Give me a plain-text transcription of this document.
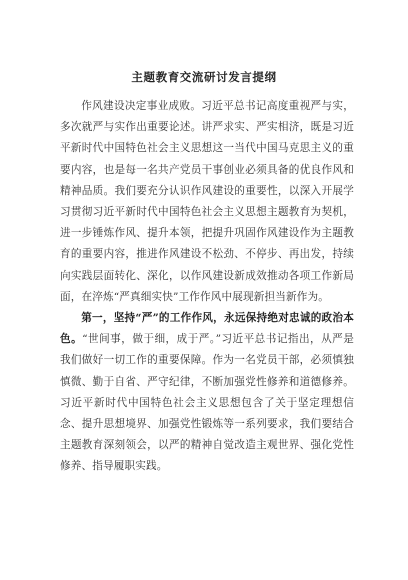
主题教育交流研讨发言提纲

作风建设决定事业成败。习近平总书记高度重视严与实，多次就严与实作出重要论述。讲严求实、严实相济，既是习近平新时代中国特色社会主义思想这一当代中国马克思主义的重要内容，也是每一名共产党员干事创业必须具备的优良作风和精神品质。我们要充分认识作风建设的重要性，以深入开展学习贯彻习近平新时代中国特色社会主义思想主题教育为契机，进一步锤炼作风、提升本领，把提升巩固作风建设作为主题教育的重要内容，推进作风建设不松劲、不停步、再出发，持续向实践层面转化、深化，以作风建设新成效推动各项工作新局面，在淬炼“严真细实快”工作作风中展现新担当新作为。

第一，坚持“严”的工作作风，永远保持绝对忠诚的政治本色。“世间事，做于细，成于严。”习近平总书记指出，从严是我们做好一切工作的重要保障。作为一名党员干部，必须慎独慎微、勤于自省、严守纪律，不断加强党性修养和道德修养。习近平新时代中国特色社会主义思想包含了关于坚定理想信念、提升思想境界、加强党性锻炼等一系列要求，我们要结合主题教育深刻领会，以严的精神自觉改造主观世界、强化党性修养、指导履职实践。
